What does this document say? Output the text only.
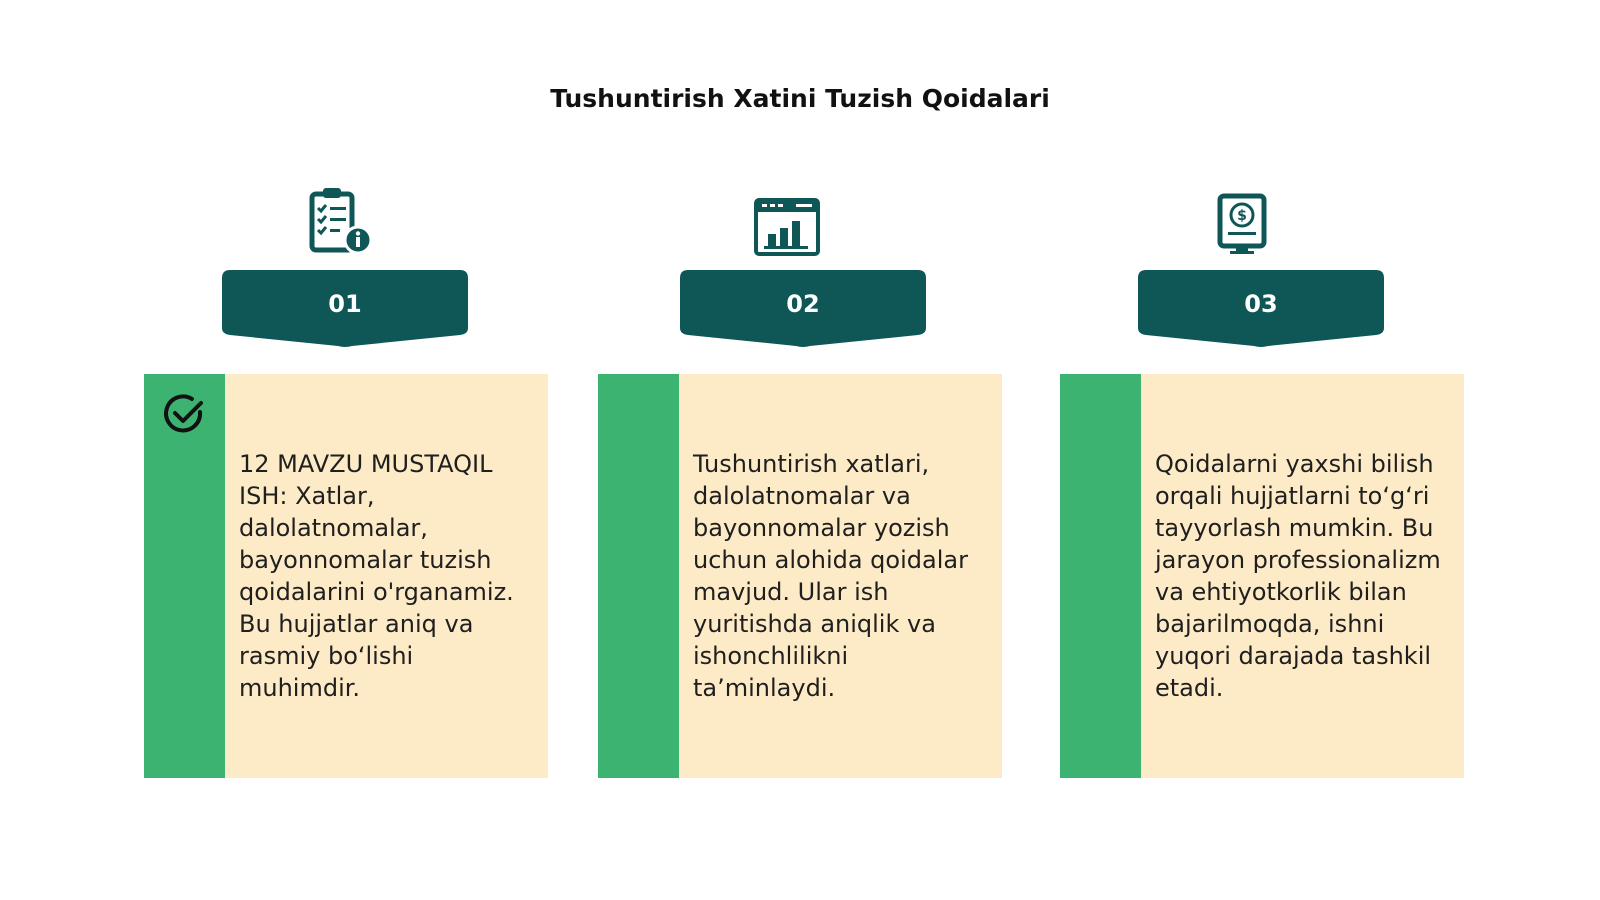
Tushuntirish Xatini Tuzish Qoidalari
$
01	02	03

12 MAVZU MUSTAQIL ISH: Xatlar, dalolatnomalar, bayonnomalar tuzish qoidalarini o'rganamiz. Bu hujjatlar aniq va rasmiy bo‘lishi muhimdir.

Tushuntirish xatlari, dalolatnomalar va bayonnomalar yozish uchun alohida qoidalar mavjud. Ular ish yuritishda aniqlik va ishonchlilikni ta’minlaydi.

Qoidalarni yaxshi bilish orqali hujjatlarni to‘g‘ri tayyorlash mumkin. Bu jarayon professionalizm va ehtiyotkorlik bilan bajarilmoqda, ishni yuqori darajada tashkil etadi.
